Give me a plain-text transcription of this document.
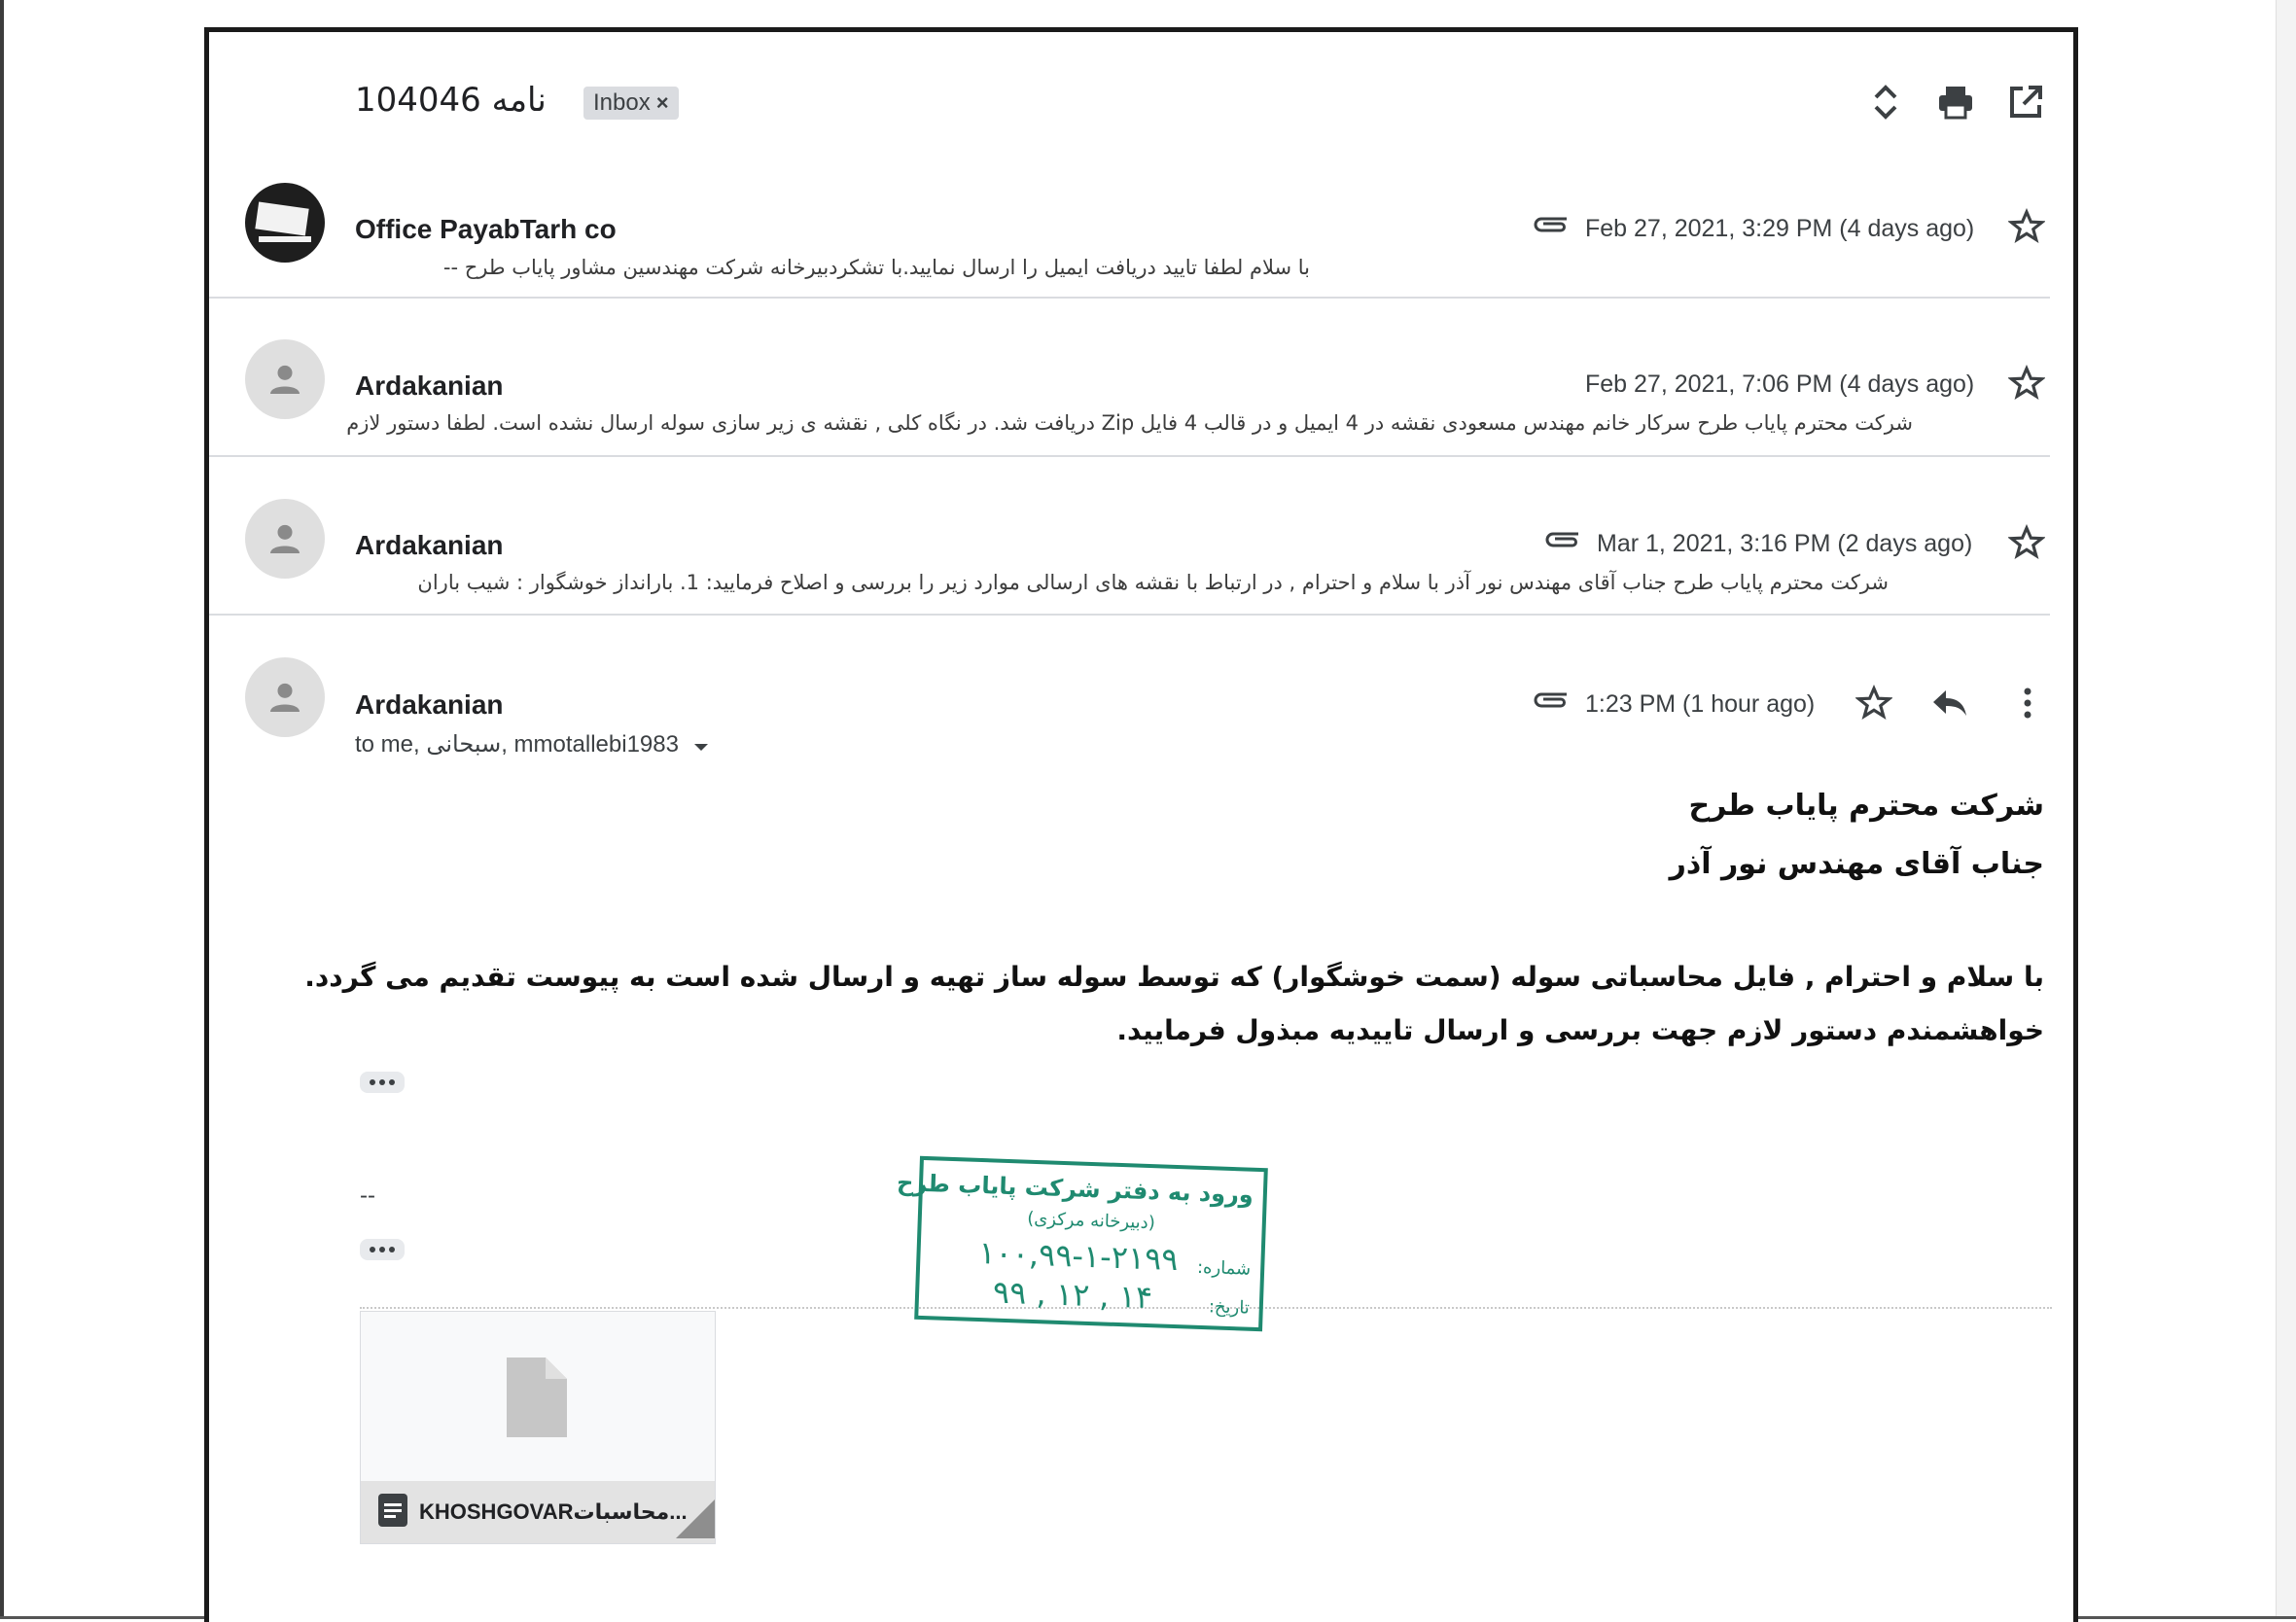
نامه 104046	Inbox ×
Office PayabTarh co	Feb 27, 2021, 3:29 PM (4 days ago)
با سلام لطفا تایید دریافت ایمیل را ارسال نمایید.با تشکردبیرخانه شرکت مهندسین مشاور پایاب طرح --
Ardakanian	Feb 27, 2021, 7:06 PM (4 days ago)
شرکت محترم پایاب طرح سرکار خانم مهندس مسعودی نقشه در 4 ایمیل و در قالب 4 فایل Zip دریافت شد. در نگاه کلی , نقشه ی زیر سازی سوله ارسال نشده است. لطفا دستور لازم
Ardakanian	Mar 1, 2021, 3:16 PM (2 days ago)
شرکت محترم پایاب طرح جناب آقای مهندس نور آذر با سلام و احترام , در ارتباط با نقشه های ارسالی موارد زیر را بررسی و اصلاح فرمایید: 1. بارانداز خوشگوار : شیب باران
Ardakanian
to me, سبحانی, mmotallebi1983
1:23 PM (1 hour ago)
شرکت محترم پایاب طرح
جناب آقای مهندس نور آذر
با سلام و احترام , فایل محاسباتی سوله (سمت خوشگوار) که توسط سوله ساز تهیه و ارسال شده است به پیوست تقدیم می گردد.
خواهشمندم دستور لازم جهت بررسی و ارسال تاییدیه مبذول فرمایید.
--
KHOSHGOVARمحاسبات...
ورود به دفتر شرکت پایاب طرح
(دبیرخانه مرکزی)
شماره:
۱۰۰,۹۹-۱-۲۱۹۹
تاریخ:
۹۹ , ۱۲ , ۱۴
